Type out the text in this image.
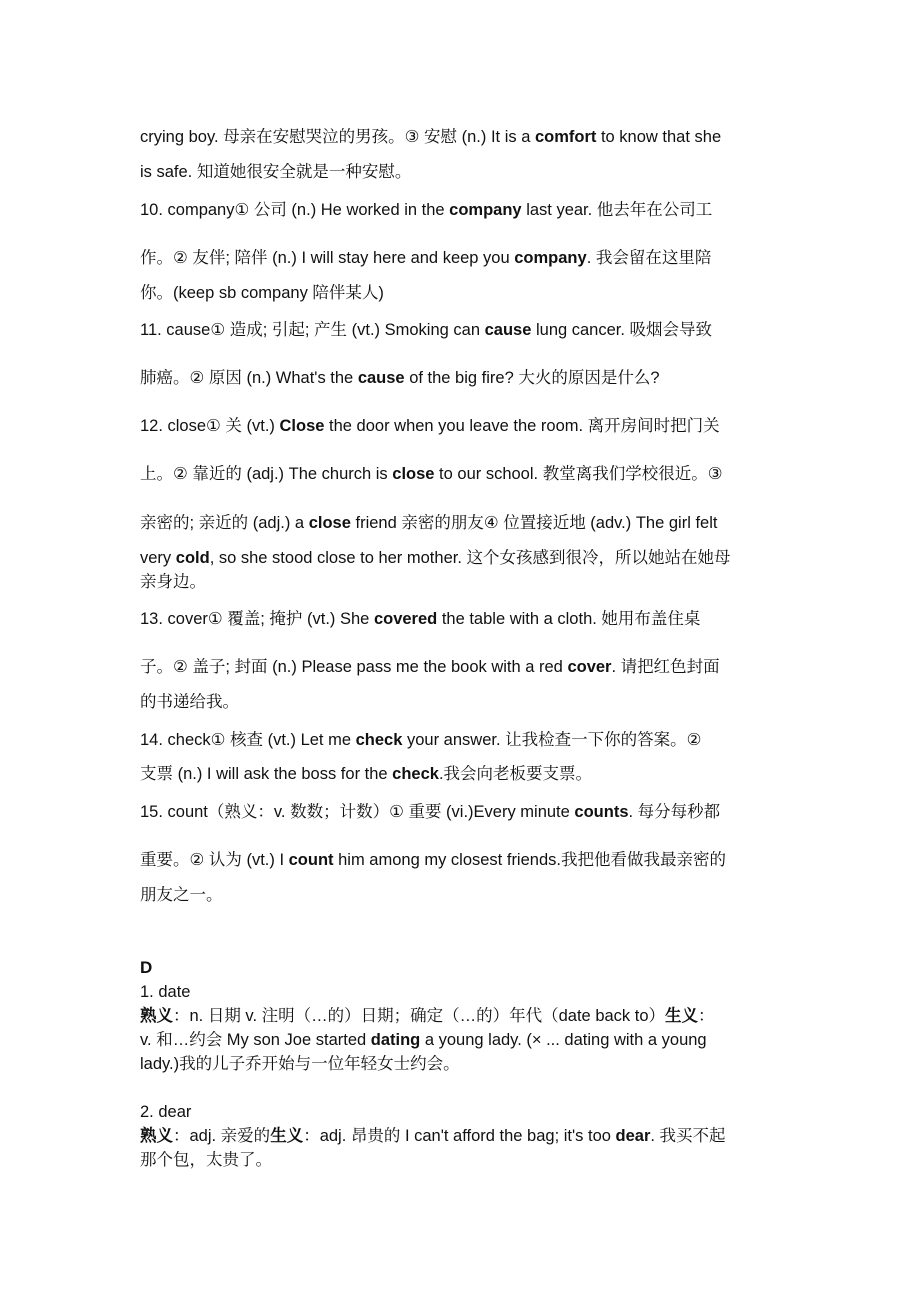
crying boy. 母亲在安慰哭泣的男孩。③ 安慰 (n.) It is a comfort to know that she
is safe. 知道她很安全就是一种安慰。
10. company① 公司 (n.) He worked in the company last year. 他去年在公司工
作。② 友伴; 陪伴 (n.) I will stay here and keep you company. 我会留在这里陪
你。(keep sb company 陪伴某人)
11. cause① 造成; 引起; 产生 (vt.) Smoking can cause lung cancer. 吸烟会导致
肺癌。② 原因 (n.) What's the cause of the big fire? 大火的原因是什么?
12. close① 关 (vt.) Close the door when you leave the room. 离开房间时把门关
上。② 靠近的 (adj.) The church is close to our school. 教堂离我们学校很近。③
亲密的; 亲近的 (adj.) a close friend 亲密的朋友④ 位置接近地 (adv.) The girl felt
very cold, so she stood close to her mother. 这个女孩感到很冷，所以她站在她母
亲身边。
13. cover① 覆盖; 掩护 (vt.) She covered the table with a cloth. 她用布盖住桌
子。② 盖子; 封面 (n.) Please pass me the book with a red cover. 请把红色封面
的书递给我。
14. check① 核查 (vt.) Let me check your answer. 让我检查一下你的答案。②
支票 (n.) I will ask the boss for the check.我会向老板要支票。
15. count（熟义：v. 数数；计数）① 重要 (vi.)Every minute counts. 每分每秒都
重要。② 认为 (vt.) I count him among my closest friends.我把他看做我最亲密的
朋友之一。
D
1. date
熟义：n. 日期 v. 注明（…的）日期；确定（…的）年代（date back to）生义：
v. 和…约会 My son Joe started dating a young lady. (× ... dating with a young
lady.)我的儿子乔开始与一位年轻女士约会。
2. dear
熟义：adj. 亲爱的生义：adj. 昂贵的 I can't afford the bag; it's too dear. 我买不起
那个包，太贵了。
